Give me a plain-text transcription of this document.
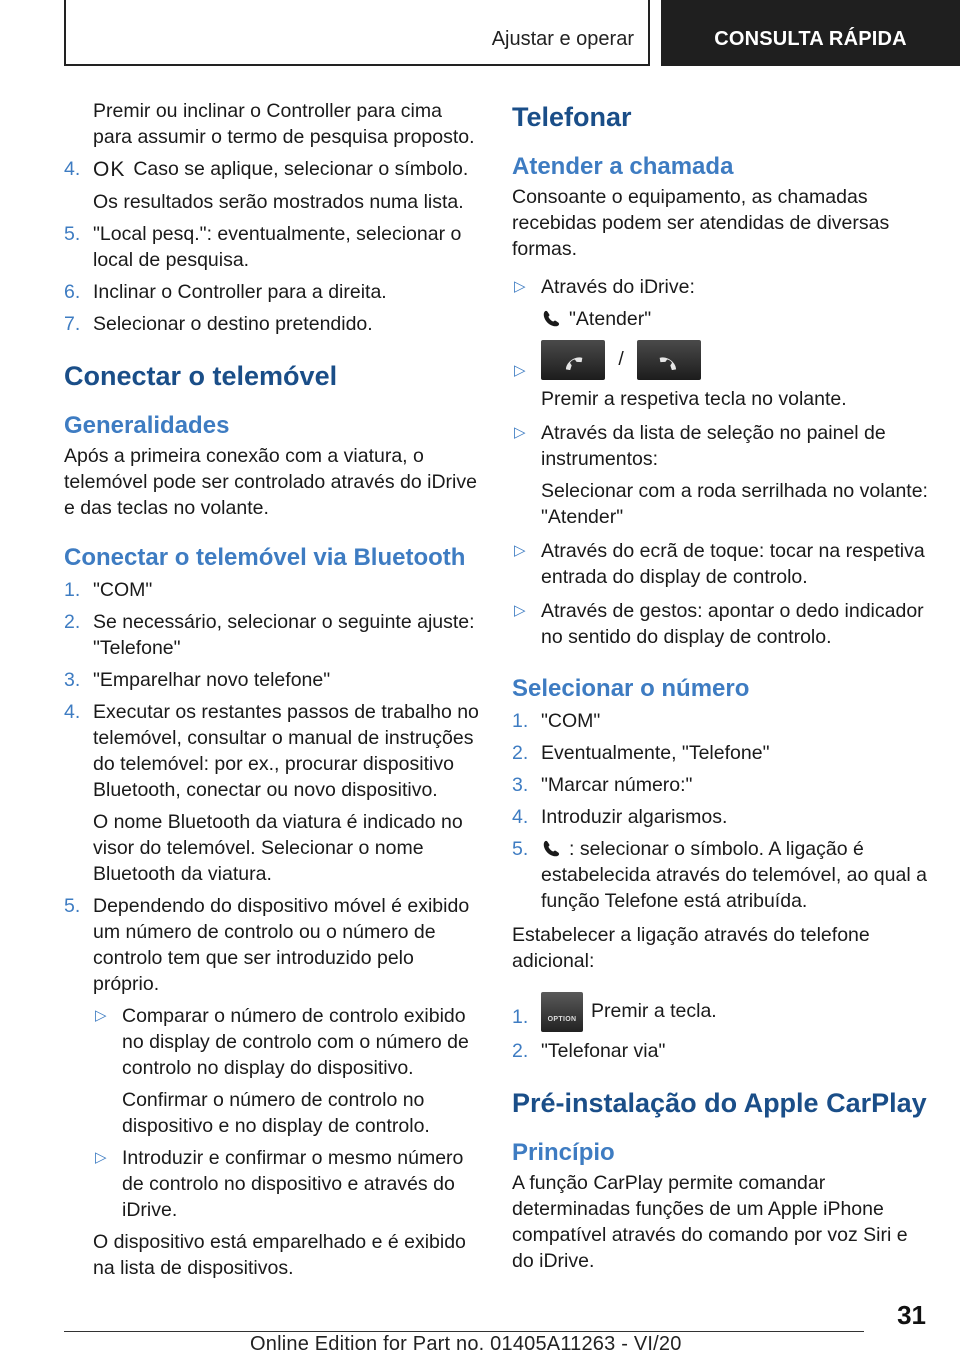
Ajustar e operar	CONSULTA RÁPIDA
Premir ou inclinar o Controller para cima para assumir o termo de pesquisa proposto.
4. OK Caso se aplique, selecionar o símbolo.
Os resultados serão mostrados numa lista.
5. "Local pesq.": eventualmente, selecionar o local de pesquisa.
6. Inclinar o Controller para a direita.
7. Selecionar o destino pretendido.
Conectar o telemóvel
Generalidades
Após a primeira conexão com a viatura, o telemóvel pode ser controlado através do iDrive e das teclas no volante.
Conectar o telemóvel via Bluetooth
1. "COM"
2. Se necessário, selecionar o seguinte ajuste: "Telefone"
3. "Emparelhar novo telefone"
4. Executar os restantes passos de trabalho no telemóvel, consultar o manual de instruções do telemóvel: por ex., procurar dispositivo Bluetooth, conectar ou novo dispositivo.
O nome Bluetooth da viatura é indicado no visor do telemóvel. Selecionar o nome Bluetooth da viatura.
5. Dependendo do dispositivo móvel é exibido um número de controlo ou o número de controlo tem que ser introduzido pelo próprio.
▷ Comparar o número de controlo exibido no display de controlo com o número de controlo no display do dispositivo.
Confirmar o número de controlo no dispositivo e no display de controlo.
▷ Introduzir e confirmar o mesmo número de controlo no dispositivo e através do iDrive.
O dispositivo está emparelhado e é exibido na lista de dispositivos.
Telefonar
Atender a chamada
Consoante o equipamento, as chamadas recebidas podem ser atendidas de diversas formas.
▷ Através do iDrive:
"Atender"
▷
/
Premir a respetiva tecla no volante.
▷ Através da lista de seleção no painel de instrumentos:
Selecionar com a roda serrilhada no volante: "Atender"
▷ Através do ecrã de toque: tocar na respetiva entrada do display de controlo.
▷ Através de gestos: apontar o dedo indicador no sentido do display de controlo.
Selecionar o número
1. "COM"
2. Eventualmente, "Telefone"
3. "Marcar número:"
4. Introduzir algarismos.
5. : selecionar o símbolo. A ligação é estabelecida através do telemóvel, ao qual a função Telefone está atribuída.
Estabelecer a ligação através do telefone adicional:
1.	OPTION Premir a tecla.
2. "Telefonar via"
Pré-instalação do Apple CarPlay
Princípio
A função CarPlay permite comandar determinadas funções de um Apple iPhone compatível através do comando por voz Siri e do iDrive.
31
Online Edition for Part no. 01405A11263 - VI/20
